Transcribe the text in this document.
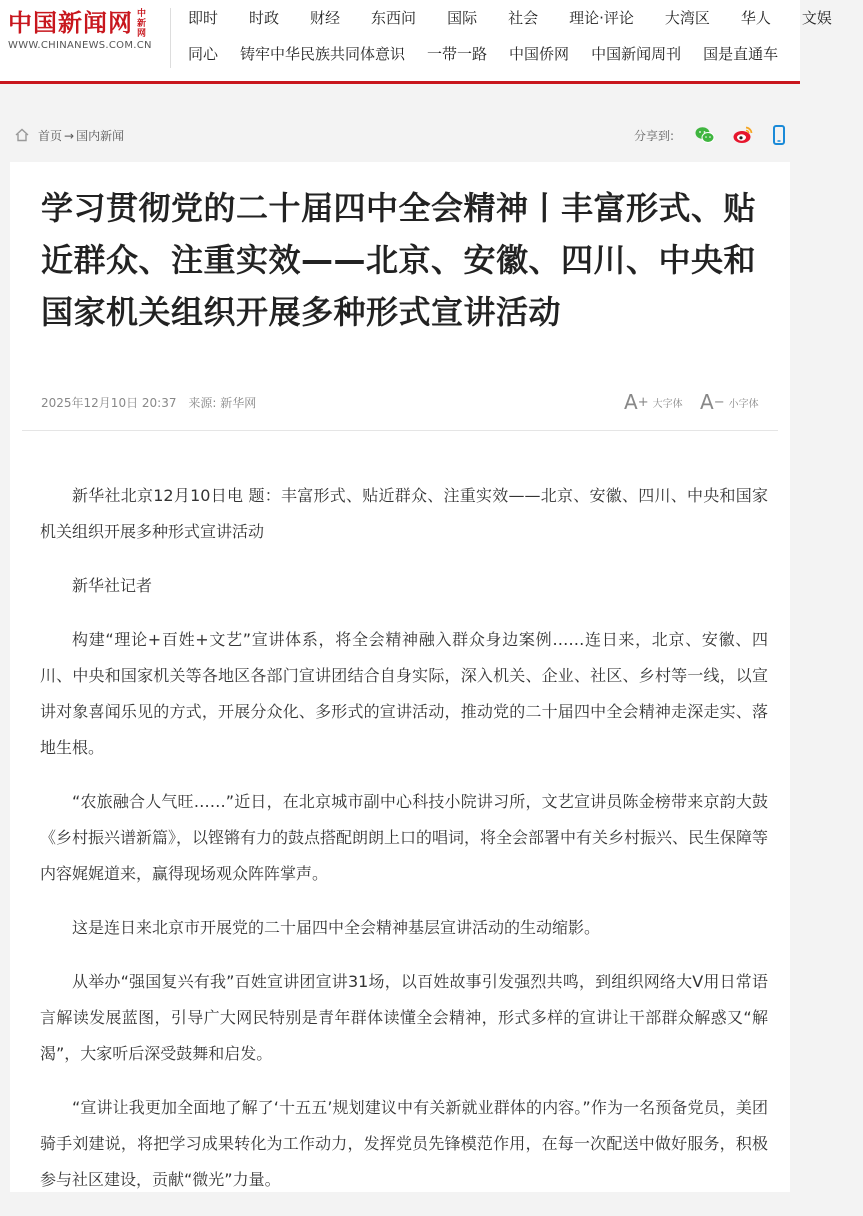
中国新闻网 中新网
WWW.CHINANEWS.COM.CN
即时 时政 财经 东西问 国际 社会 理论·评论 大湾区 华人 文娱
同心 铸牢中华民族共同体意识 一带一路 中国侨网 中国新闻周刊 国是直通车
首页 → 国内新闻	分享到:
学习贯彻党的二十届四中全会精神丨丰富形式、贴近群众、注重实效——北京、安徽、四川、中央和国家机关组织开展多种形式宣讲活动
2025年12月10日 20:37 来源: 新华网	A + 大字体 A − 小字体

新华社北京12月10日电 题：丰富形式、贴近群众、注重实效——北京、安徽、四川、中央和国家机关组织开展多种形式宣讲活动

新华社记者

构建“理论+百姓+文艺”宣讲体系，将全会精神融入群众身边案例……连日来，北京、安徽、四川、中央和国家机关等各地区各部门宣讲团结合自身实际，深入机关、企业、社区、乡村等一线，以宣讲对象喜闻乐见的方式，开展分众化、多形式的宣讲活动，推动党的二十届四中全会精神走深走实、落地生根。

“农旅融合人气旺……”近日，在北京城市副中心科技小院讲习所，文艺宣讲员陈金榜带来京韵大鼓《乡村振兴谱新篇》，以铿锵有力的鼓点搭配朗朗上口的唱词，将全会部署中有关乡村振兴、民生保障等内容娓娓道来，赢得现场观众阵阵掌声。

这是连日来北京市开展党的二十届四中全会精神基层宣讲活动的生动缩影。

从举办“强国复兴有我”百姓宣讲团宣讲31场，以百姓故事引发强烈共鸣，到组织网络大V用日常语言解读发展蓝图，引导广大网民特别是青年群体读懂全会精神，形式多样的宣讲让干部群众解惑又“解渴”，大家听后深受鼓舞和启发。

“宣讲让我更加全面地了解了‘十五五’规划建议中有关新就业群体的内容。”作为一名预备党员，美团骑手刘建说，将把学习成果转化为工作动力，发挥党员先锋模范作用，在每一次配送中做好服务，积极参与社区建设，贡献“微光”力量。
